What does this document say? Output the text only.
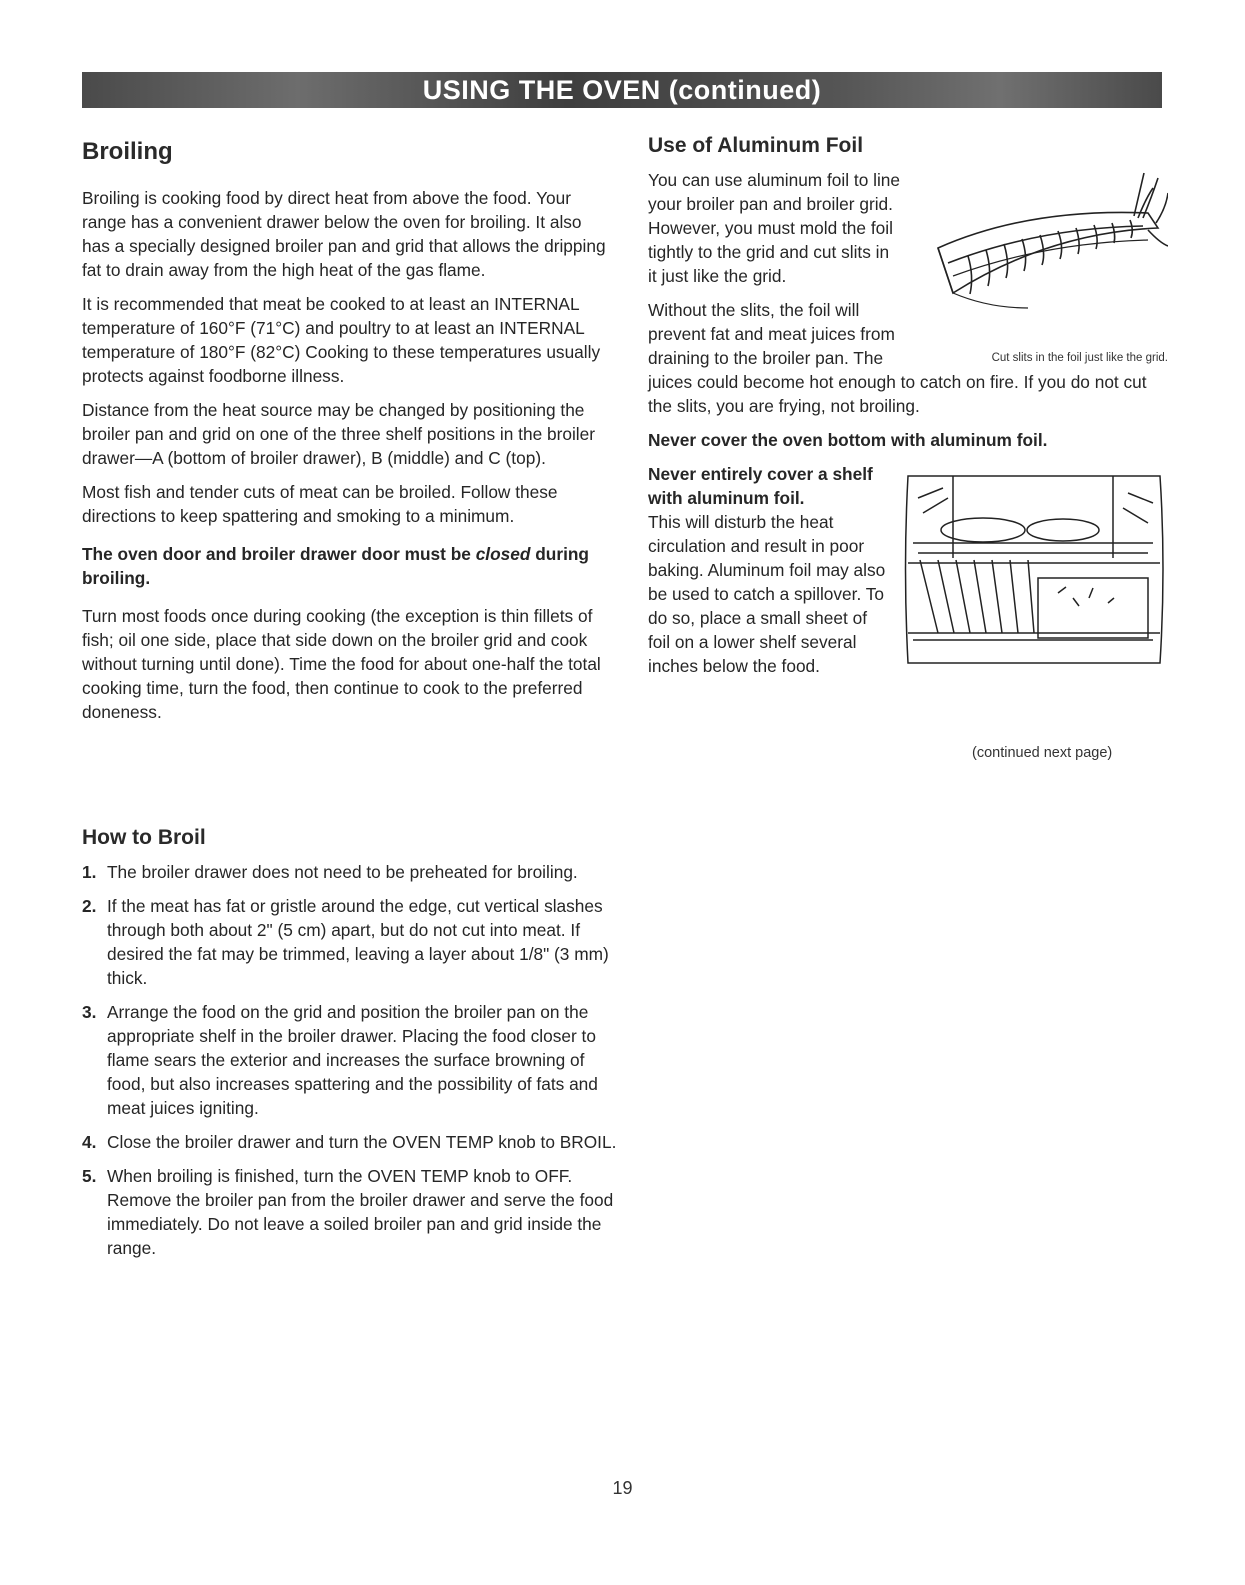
USING THE OVEN (continued)
Broiling

Broiling is cooking food by direct heat from above the food. Your range has a convenient drawer below the oven for broiling. It also has a specially designed broiler pan and grid that allows the dripping fat to drain away from the high heat of the gas flame.

It is recommended that meat be cooked to at least an INTERNAL temperature of 160°F (71°C) and poultry to at least an INTERNAL temperature of 180°F (82°C) Cooking to these temperatures usually protects against foodborne illness.

Distance from the heat source may be changed by positioning the broiler pan and grid on one of the three shelf positions in the broiler drawer—A (bottom of broiler drawer), B (middle) and C (top).

Most fish and tender cuts of meat can be broiled. Follow these directions to keep spattering and smoking to a minimum.

The oven door and broiler drawer door must be closed during broiling.

Turn most foods once during cooking (the exception is thin fillets of fish; oil one side, place that side down on the broiler grid and cook without turning until done). Time the food for about one-half the total cooking time, turn the food, then continue to cook to the preferred doneness.

How to Broil
1. The broiler drawer does not need to be preheated for broiling.
2. If the meat has fat or gristle around the edge, cut vertical slashes through both about 2" (5 cm) apart, but do not cut into meat. If desired the fat may be trimmed, leaving a layer about 1/8" (3 mm) thick.
3. Arrange the food on the grid and position the broiler pan on the appropriate shelf in the broiler drawer. Placing the food closer to flame sears the exterior and increases the surface browning of food, but also increases spattering and the possibility of fats and meat juices igniting.
4. Close the broiler drawer and turn the OVEN TEMP knob to BROIL.
5. When broiling is finished, turn the OVEN TEMP knob to OFF. Remove the broiler pan from the broiler drawer and serve the food immediately. Do not leave a soiled broiler pan and grid inside the range.
Use of Aluminum Foil
Cut slits in the foil just like the grid.

You can use aluminum foil to line your broiler pan and broiler grid. However, you must mold the foil tightly to the grid and cut slits in it just like the grid.

Without the slits, the foil will prevent fat and meat juices from draining to the broiler pan. The juices could become hot enough to catch on fire. If you do not cut the slits, you are frying, not broiling.

Never cover the oven bottom with aluminum foil.

Never entirely cover a shelf with aluminum foil.

This will disturb the heat circulation and result in poor baking. Aluminum foil may also be used to catch a spillover. To do so, place a small sheet of foil on a lower shelf several inches below the food.

(continued next page)
19
